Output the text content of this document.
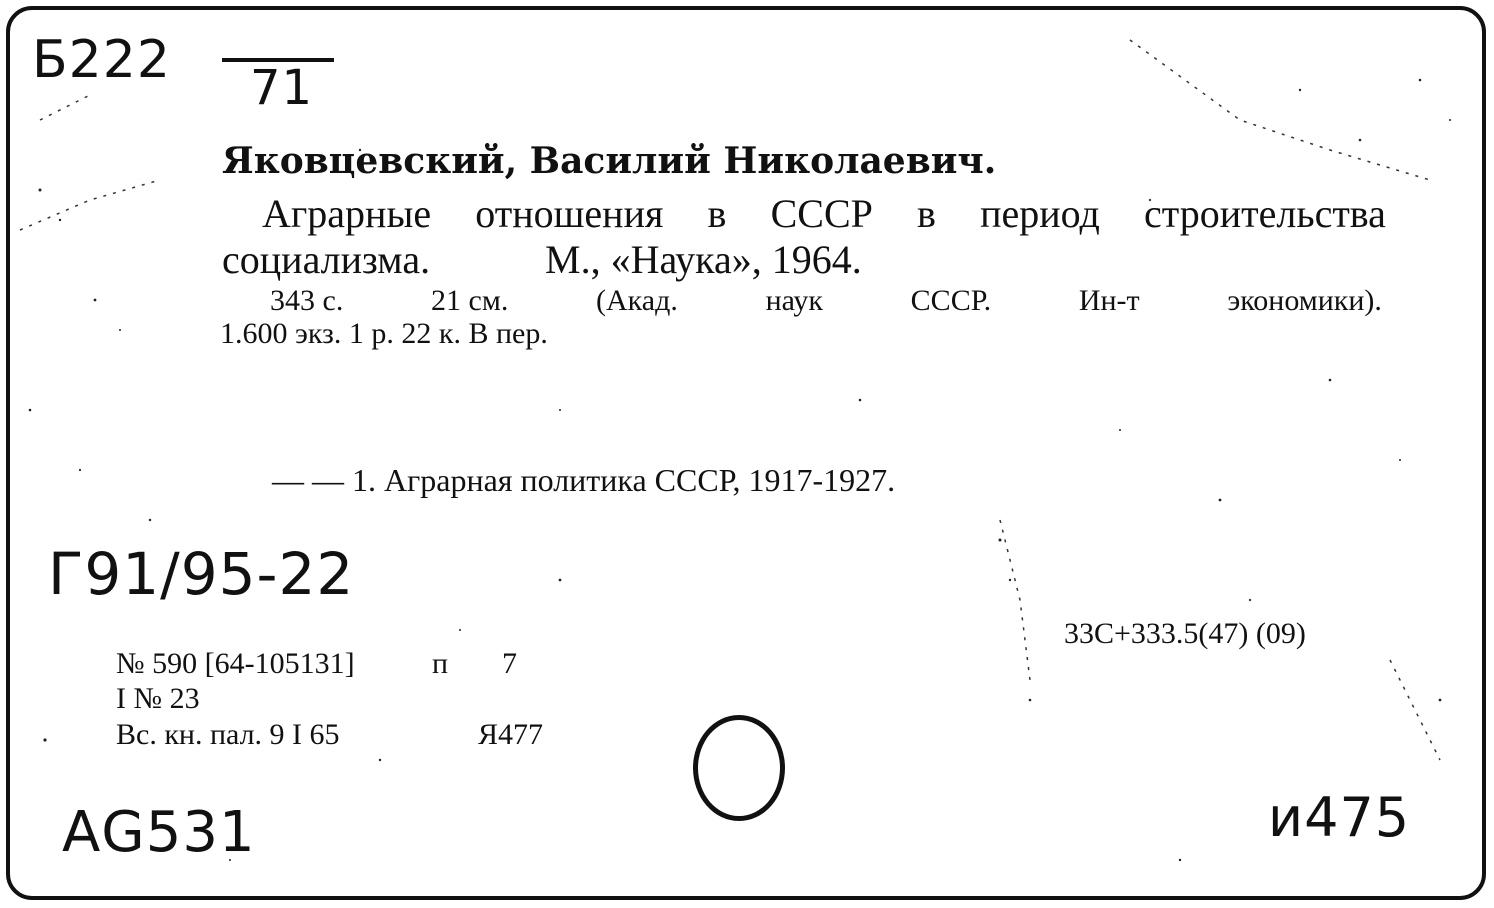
Б222 71
Яковцевский, Василий Николаевич.
Аграрные отношения в СССР в период строительства
социализма.	М., «Наука», 1964.
343 с.	21 см.	(Акад.	наук	СССР.	Ин-т	экономики).
1.600 экз. 1 р. 22 к. В пер.
— — 1. Аграрная политика СССР, 1917-1927.
Г91/95-22
33С+333.5(47) (09)
№ 590 [64-105131]	п 7
I № 23
Вс. кн. пал. 9 I 65	Я477
АG531	и475
